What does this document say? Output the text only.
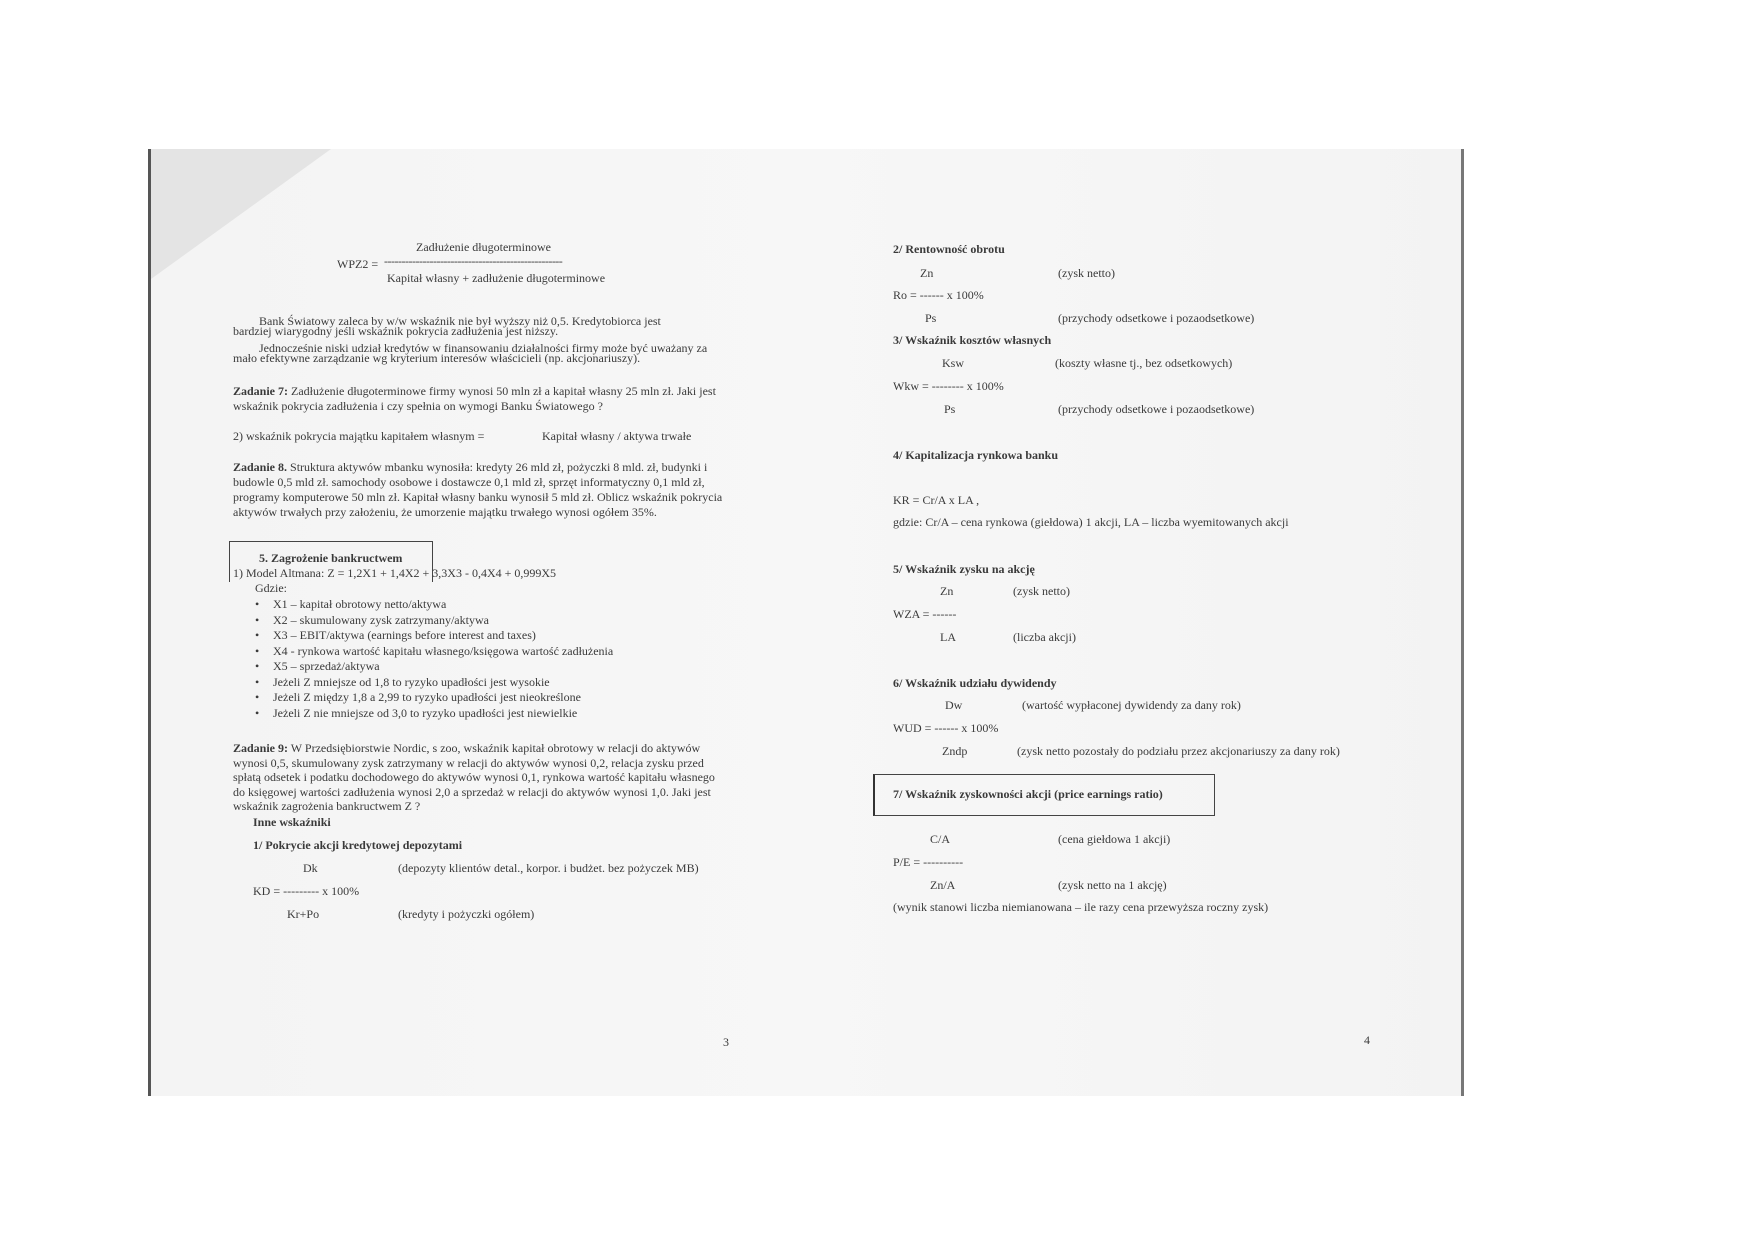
Zadłużenie długoterminowe
WPZ2 = ---------------------------------------------------
Kapitał własny + zadłużenie długoterminowe
Bank Światowy zaleca by w/w wskaźnik nie był wyższy niż 0,5. Kredytobiorca jest bardziej wiarygodny jeśli wskaźnik pokrycia zadłużenia jest niższy.
Jednocześnie niski udział kredytów w finansowaniu działalności firmy może być uważany za mało efektywne zarządzanie wg kryterium interesów właścicieli (np. akcjonariuszy).
Zadanie 7: Zadłużenie długoterminowe firmy wynosi 50 mln zł a kapitał własny 25 mln zł. Jaki jest wskaźnik pokrycia zadłużenia i czy spełnia on wymogi Banku Światowego ?
2) wskaźnik pokrycia majątku kapitałem własnym =	Kapitał własny / aktywa trwałe
Zadanie 8. Struktura aktywów mbanku wynosiła: kredyty 26 mld zł, pożyczki 8 mld. zł, budynki i budowle 0,5 mld zł. samochody osobowe i dostawcze 0,1 mld zł, sprzęt informatyczny 0,1 mld zł, programy komputerowe 50 mln zł. Kapitał własny banku wynosił 5 mld zł. Oblicz wskaźnik pokrycia aktywów trwałych przy założeniu, że umorzenie majątku trwałego wynosi ogółem 35%.
5. Zagrożenie bankructwem
1) Model Altmana: Z = 1,2X1 + 1,4X2 + 3,3X3 - 0,4X4 + 0,999X5
Gdzie:
• X1 – kapitał obrotowy netto/aktywa
• X2 – skumulowany zysk zatrzymany/aktywa
• X3 – EBIT/aktywa (earnings before interest and taxes)
• X4 - rynkowa wartość kapitału własnego/księgowa wartość zadłużenia
• X5 – sprzedaż/aktywa
• Jeżeli Z mniejsze od 1,8 to ryzyko upadłości jest wysokie
• Jeżeli Z między 1,8 a 2,99 to ryzyko upadłości jest nieokreślone
• Jeżeli Z nie mniejsze od 3,0 to ryzyko upadłości jest niewielkie
Zadanie 9: W Przedsiębiorstwie Nordic, s zoo, wskaźnik kapitał obrotowy w relacji do aktywów wynosi 0,5, skumulowany zysk zatrzymany w relacji do aktywów wynosi 0,2, relacja zysku przed spłatą odsetek i podatku dochodowego do aktywów wynosi 0,1, rynkowa wartość kapitału własnego do księgowej wartości zadłużenia wynosi 2,0 a sprzedaż w relacji do aktywów wynosi 1,0. Jaki jest wskaźnik zagrożenia bankructwem Z ?
Inne wskaźniki
1/ Pokrycie akcji kredytowej depozytami
Dk	(depozyty klientów detal., korpor. i budżet. bez pożyczek MB)
KD = --------- x 100%
Kr+Po	(kredyty i pożyczki ogółem)
3
2/ Rentowność obrotu
Zn	(zysk netto)
Ro = ------ x 100%
Ps	(przychody odsetkowe i pozaodsetkowe)
3/ Wskaźnik kosztów własnych
Ksw	(koszty własne tj., bez odsetkowych)
Wkw = -------- x 100%
Ps	(przychody odsetkowe i pozaodsetkowe)
4/ Kapitalizacja rynkowa banku
KR = Cr/A x LA ,
gdzie: Cr/A – cena rynkowa (giełdowa) 1 akcji, LA – liczba wyemitowanych akcji
5/ Wskaźnik zysku na akcję
Zn	(zysk netto)
WZA = ------
LA	(liczba akcji)
6/ Wskaźnik udziału dywidendy
Dw	(wartość wypłaconej dywidendy za dany rok)
WUD = ------ x 100%
Zndp	(zysk netto pozostały do podziału przez akcjonariuszy za dany rok)
7/ Wskaźnik zyskowności akcji (price earnings ratio)
C/A	(cena giełdowa 1 akcji)
P/E = ----------
Zn/A	(zysk netto na 1 akcję)
(wynik stanowi liczba niemianowana – ile razy cena przewyższa roczny zysk)
4
